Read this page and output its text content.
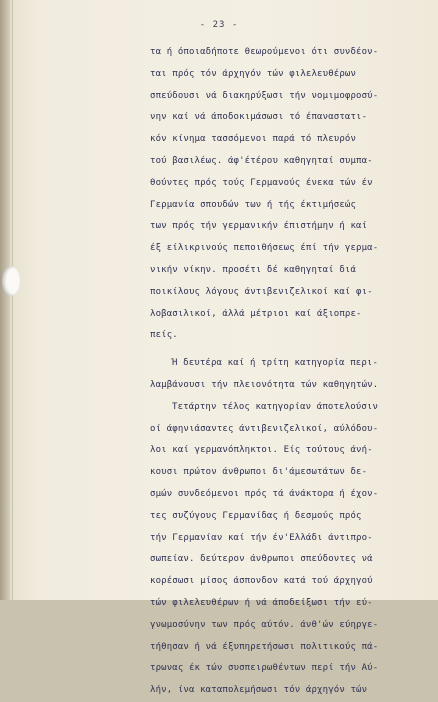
- 23 -
τα ή όποιαδήποτε θεωρούμενοι ότι συνδέον-
ται πρός τόν άρχηγόν τών φιλελευθέρων
σπεύδουσι νά διακηρύξωσι τήν νομιμοφροσύ-
νην καί νά άποδοκιμάσωσι τό έπαναστατι-
κόν κίνημα τασσόμενοι παρά τό πλευρόν
τού βασιλέως. άφ'έτέρου καθηγηταί συμπα-
θούντες πρός τούς Γερμανούς ένεκα τών έν
Γερμανία σπουδών των ή τής έκτιμήσεώς
των πρός τήν γερμανικήν έπιστήμην ή καί
έξ είλικρινούς πεποιθήσεως έπί τήν γερμα-
νικήν νίκην. προσέτι δέ καθηγηταί διά
ποικίλους λόγους άντιβενιζελικοί καί φι-
λοβασιλικοί, άλλά μέτριοι καί άξιοπρε-
πείς.
Ή δευτέρα καί ή τρίτη κατηγορία περι-
λαμβάνουσι τήν πλειονότητα τών καθηγητών.
Τετάρτην τέλος κατηγορίαν άποτελούσιν
οί άφηνιάσαντες άντιβενιζελικοί, αύλόδου-
λοι καί γερμανόπληκτοι. Είς τούτους άνή-
κουσι πρώτον άνθρωποι δι'άμεσωτάτων δε-
σμών συνδεόμενοι πρός τά άνάκτορα ή έχον-
τες συζύγους Γερμανίδας ή δεσμούς πρός
τήν Γερμανίαν καί τήν έν'Ελλάδι άντιπρο-
σωπείαν. δεύτερον άνθρωποι σπεύδοντες νά
κορέσωσι μίσος άσπονδον κατά τού άρχηγού
τών φιλελευθέρων ή νά άποδείξωσι τήν εύ-
γνωμοσύνην των πρός αύτόν. άνθ'ών εύηργε-
τήθησαν ή νά έξυπηρετήσωσι πολιτικούς πά-
τρωνας έκ τών συσπειρωθέντων περί τήν Αύ-
λήν, ίνα καταπολεμήσωσι τόν άρχηγόν τών
